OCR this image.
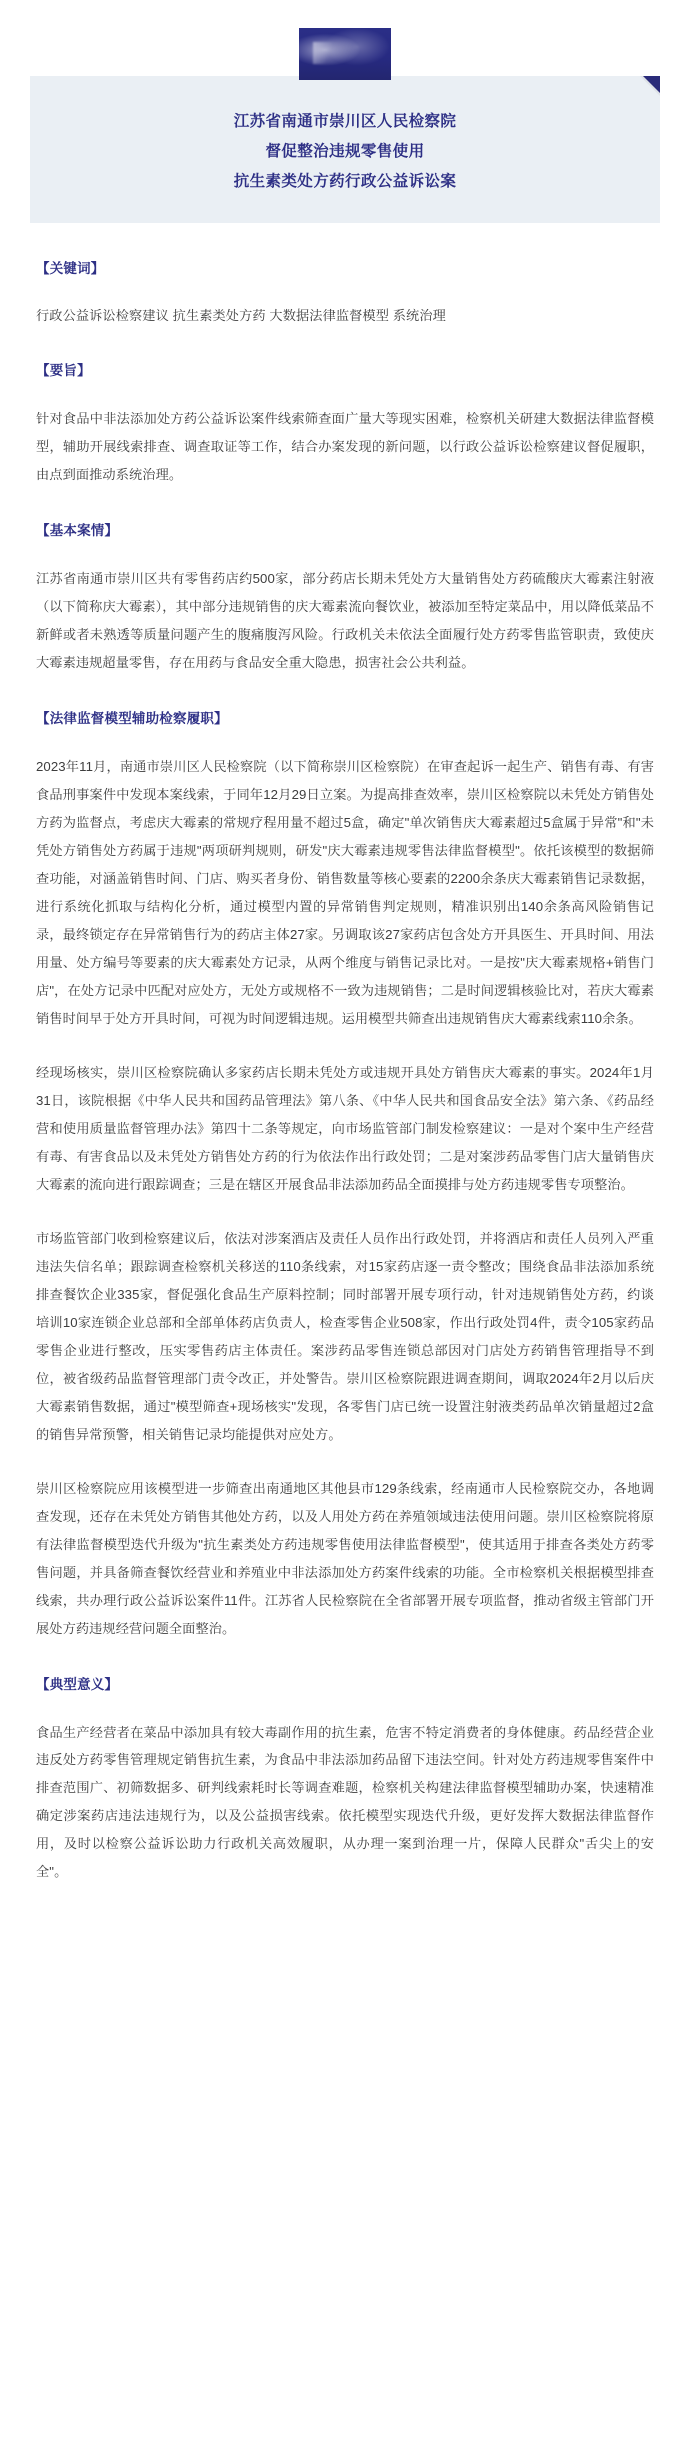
江苏省南通市崇川区人民检察院
督促整治违规零售使用
抗生素类处方药行政公益诉讼案
【关键词】

行政公益诉讼检察建议 抗生素类处方药 大数据法律监督模型 系统治理

【要旨】

针对食品中非法添加处方药公益诉讼案件线索筛查面广量大等现实困难，检察机关研建大数据法律监督模型，辅助开展线索排查、调查取证等工作，结合办案发现的新问题，以行政公益诉讼检察建议督促履职，由点到面推动系统治理。

【基本案情】

江苏省南通市崇川区共有零售药店约500家，部分药店长期未凭处方大量销售处方药硫酸庆大霉素注射液（以下简称庆大霉素），其中部分违规销售的庆大霉素流向餐饮业，被添加至特定菜品中，用以降低菜品不新鲜或者未熟透等质量问题产生的腹痛腹泻风险。行政机关未依法全面履行处方药零售监管职责，致使庆大霉素违规超量零售，存在用药与食品安全重大隐患，损害社会公共利益。

【法律监督模型辅助检察履职】

2023年11月，南通市崇川区人民检察院（以下简称崇川区检察院）在审查起诉一起生产、销售有毒、有害食品刑事案件中发现本案线索，于同年12月29日立案。为提高排查效率，崇川区检察院以未凭处方销售处方药为监督点，考虑庆大霉素的常规疗程用量不超过5盒，确定"单次销售庆大霉素超过5盒属于异常"和"未凭处方销售处方药属于违规"两项研判规则，研发"庆大霉素违规零售法律监督模型"。依托该模型的数据筛查功能，对涵盖销售时间、门店、购买者身份、销售数量等核心要素的2200余条庆大霉素销售记录数据，进行系统化抓取与结构化分析，通过模型内置的异常销售判定规则，精准识别出140余条高风险销售记录，最终锁定存在异常销售行为的药店主体27家。另调取该27家药店包含处方开具医生、开具时间、用法用量、处方编号等要素的庆大霉素处方记录，从两个维度与销售记录比对。一是按"庆大霉素规格+销售门店"，在处方记录中匹配对应处方，无处方或规格不一致为违规销售；二是时间逻辑核验比对，若庆大霉素销售时间早于处方开具时间，可视为时间逻辑违规。运用模型共筛查出违规销售庆大霉素线索110余条。

经现场核实，崇川区检察院确认多家药店长期未凭处方或违规开具处方销售庆大霉素的事实。2024年1月31日，该院根据《中华人民共和国药品管理法》第八条、《中华人民共和国食品安全法》第六条、《药品经营和使用质量监督管理办法》第四十二条等规定，向市场监管部门制发检察建议：一是对个案中生产经营有毒、有害食品以及未凭处方销售处方药的行为依法作出行政处罚；二是对案涉药品零售门店大量销售庆大霉素的流向进行跟踪调查；三是在辖区开展食品非法添加药品全面摸排与处方药违规零售专项整治。

市场监管部门收到检察建议后，依法对涉案酒店及责任人员作出行政处罚，并将酒店和责任人员列入严重违法失信名单；跟踪调查检察机关移送的110条线索，对15家药店逐一责令整改；围绕食品非法添加系统排查餐饮企业335家，督促强化食品生产原料控制；同时部署开展专项行动，针对违规销售处方药，约谈培训10家连锁企业总部和全部单体药店负责人，检查零售企业508家，作出行政处罚4件，责令105家药品零售企业进行整改，压实零售药店主体责任。案涉药品零售连锁总部因对门店处方药销售管理指导不到位，被省级药品监督管理部门责令改正，并处警告。崇川区检察院跟进调查期间，调取2024年2月以后庆大霉素销售数据，通过"模型筛查+现场核实"发现，各零售门店已统一设置注射液类药品单次销量超过2盒的销售异常预警，相关销售记录均能提供对应处方。

崇川区检察院应用该模型进一步筛查出南通地区其他县市129条线索，经南通市人民检察院交办，各地调查发现，还存在未凭处方销售其他处方药，以及人用处方药在养殖领域违法使用问题。崇川区检察院将原有法律监督模型迭代升级为"抗生素类处方药违规零售使用法律监督模型"，使其适用于排查各类处方药零售问题，并具备筛查餐饮经营业和养殖业中非法添加处方药案件线索的功能。全市检察机关根据模型排查线索，共办理行政公益诉讼案件11件。江苏省人民检察院在全省部署开展专项监督，推动省级主管部门开展处方药违规经营问题全面整治。

【典型意义】

食品生产经营者在菜品中添加具有较大毒副作用的抗生素，危害不特定消费者的身体健康。药品经营企业违反处方药零售管理规定销售抗生素，为食品中非法添加药品留下违法空间。针对处方药违规零售案件中排查范围广、初筛数据多、研判线索耗时长等调查难题，检察机关构建法律监督模型辅助办案，快速精准确定涉案药店违法违规行为，以及公益损害线索。依托模型实现迭代升级，更好发挥大数据法律监督作用，及时以检察公益诉讼助力行政机关高效履职，从办理一案到治理一片，保障人民群众"舌尖上的安全"。
